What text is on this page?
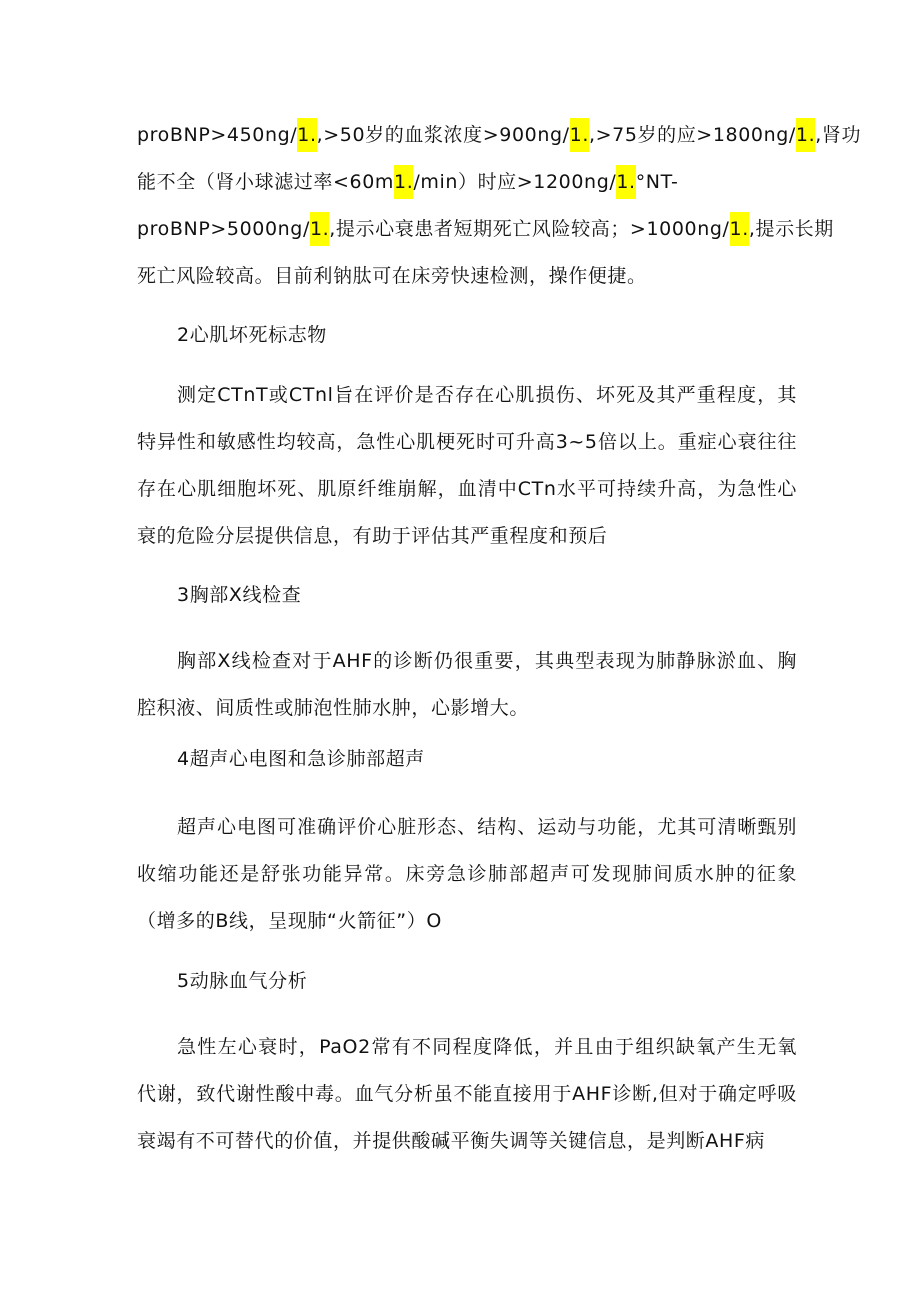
proBNP>450ng/1.,>50岁的血浆浓度>900ng/1.,>75岁的应>1800ng/1.,肾功
能不全（肾小球滤过率<60m1./min）时应>1200ng/1.°NT-
proBNP>5000ng/1.,提示心衰患者短期死亡风险较高；>1000ng/1.,提示长期
死亡风险较高。目前利钠肽可在床旁快速检测，操作便捷。

2心肌坏死标志物

测定CTnT或CTnl旨在评价是否存在心肌损伤、坏死及其严重程度，其特异性和敏感性均较高，急性心肌梗死时可升高3~5倍以上。重症心衰往往存在心肌细胞坏死、肌原纤维崩解，血清中CTn水平可持续升高，为急性心衰的危险分层提供信息，有助于评估其严重程度和预后

3胸部X线检查

胸部X线检查对于AHF的诊断仍很重要，其典型表现为肺静脉淤血、胸腔积液、间质性或肺泡性肺水肿，心影增大。

4超声心电图和急诊肺部超声

超声心电图可准确评价心脏形态、结构、运动与功能，尤其可清晰甄别收缩功能还是舒张功能异常。床旁急诊肺部超声可发现肺间质水肿的征象（增多的B线，呈现肺“火箭征”）O

5动脉血气分析

急性左心衰时，PaO2常有不同程度降低，并且由于组织缺氧产生无氧代谢，致代谢性酸中毒。血气分析虽不能直接用于AHF诊断,但对于确定呼吸衰竭有不可替代的价值，并提供酸碱平衡失调等关键信息，是判断AHF病
